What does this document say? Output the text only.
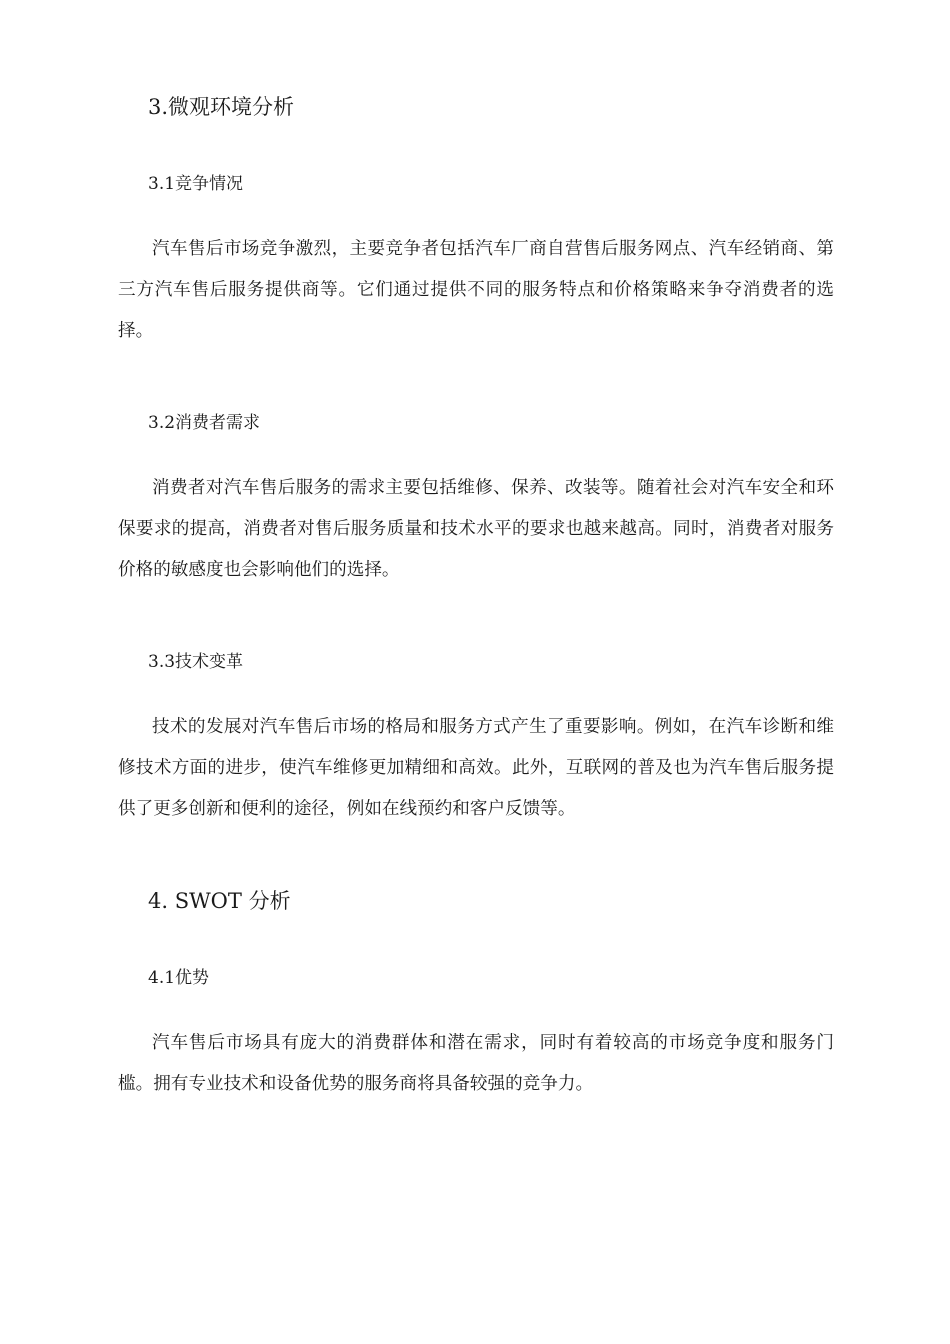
3.微观环境分析
3.1竞争情况

汽车售后市场竞争激烈，主要竞争者包括汽车厂商自营售后服务网点、汽车经销商、第三方汽车售后服务提供商等。它们通过提供不同的服务特点和价格策略来争夺消费者的选择。

3.2消费者需求

消费者对汽车售后服务的需求主要包括维修、保养、改装等。随着社会对汽车安全和环保要求的提高，消费者对售后服务质量和技术水平的要求也越来越高。同时，消费者对服务价格的敏感度也会影响他们的选择。

3.3技术变革

技术的发展对汽车售后市场的格局和服务方式产生了重要影响。例如，在汽车诊断和维修技术方面的进步，使汽车维修更加精细和高效。此外，互联网的普及也为汽车售后服务提供了更多创新和便利的途径，例如在线预约和客户反馈等。

4. SWOT 分析
4.1优势

汽车售后市场具有庞大的消费群体和潜在需求，同时有着较高的市场竞争度和服务门槛。拥有专业技术和设备优势的服务商将具备较强的竞争力。
